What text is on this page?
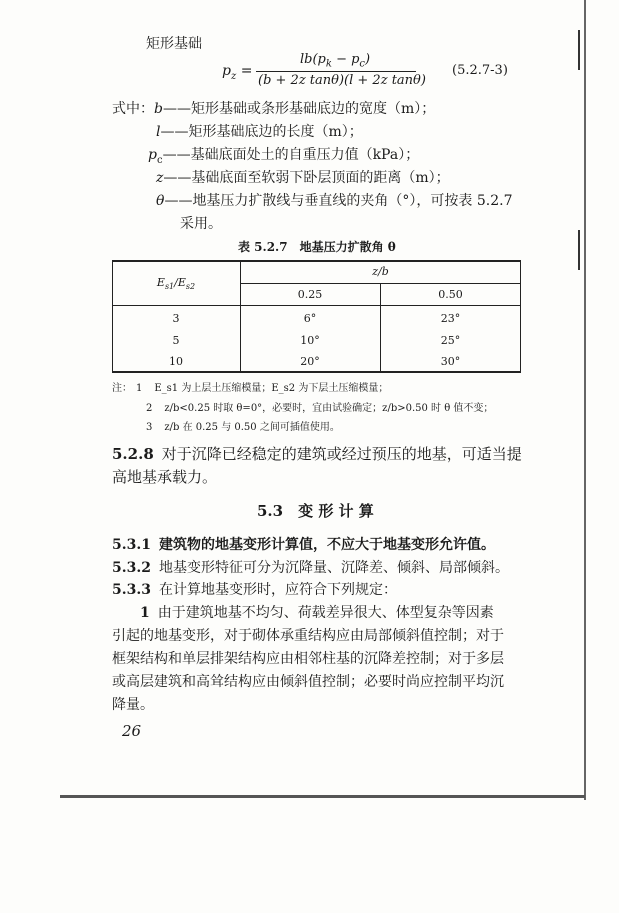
矩形基础
$p_z$ =
$lb(p_k - p_c)$
(b + 2z tanθ)(l + 2z tanθ)
(5.2.7-3)
式中：b——矩形基础或条形基础底边的宽度（m）；
l——矩形基础底边的长度（m）；
$p_c——$基础底面处土的自重压力值（kPa）；
z——基础底面至软弱下卧层顶面的距离（m）；
θ——地基压力扩散线与垂直线的夹角（°），可按表 5.2.7
采用。
表 5.2.7　地基压力扩散角 θ
$E_{s1}/E_{s2}$
z/b
0.25	0.50
3	6°	23°
5	10°	25°
10	20°	30°
注： 1 E_s1 为上层土压缩模量；E_s2 为下层土压缩模量；
2 z/b<0.25 时取 θ=0°，必要时，宜由试验确定；z/b>0.50 时 θ 值不变；
3 z/b 在 0.25 与 0.50 之间可插值使用。
5.2.8 对于沉降已经稳定的建筑或经过预压的地基，可适当提
高地基承载力。
5.3　变 形 计 算
5.3.1 建筑物的地基变形计算值，不应大于地基变形允许值。
5.3.2 地基变形特征可分为沉降量、沉降差、倾斜、局部倾斜。
5.3.3 在计算地基变形时，应符合下列规定：
1 由于建筑地基不均匀、荷载差异很大、体型复杂等因素
引起的地基变形，对于砌体承重结构应由局部倾斜值控制；对于
框架结构和单层排架结构应由相邻柱基的沉降差控制；对于多层
或高层建筑和高耸结构应由倾斜值控制；必要时尚应控制平均沉
降量。
26
